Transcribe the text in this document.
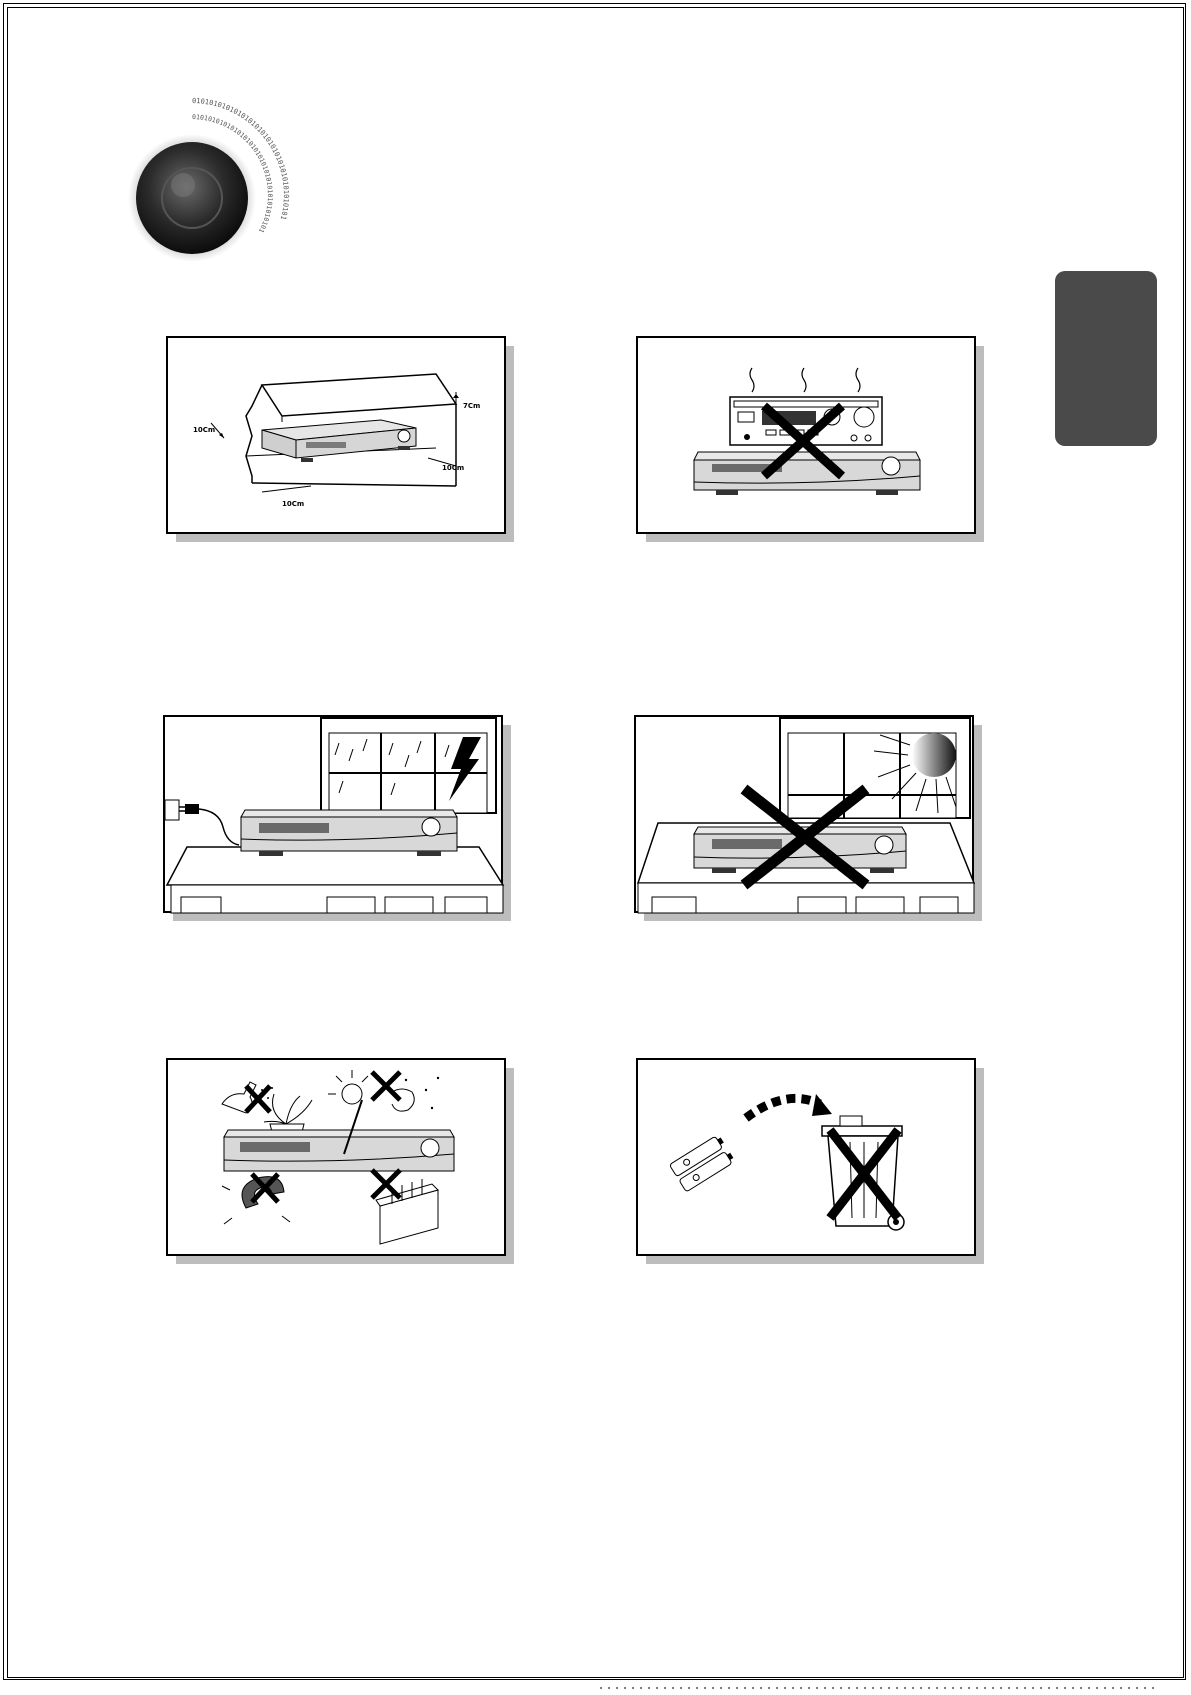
0101010101010101010101010101010101010101
0101010101010101010101010101010101010101
10Cm
7Cm
10Cm
10Cm
